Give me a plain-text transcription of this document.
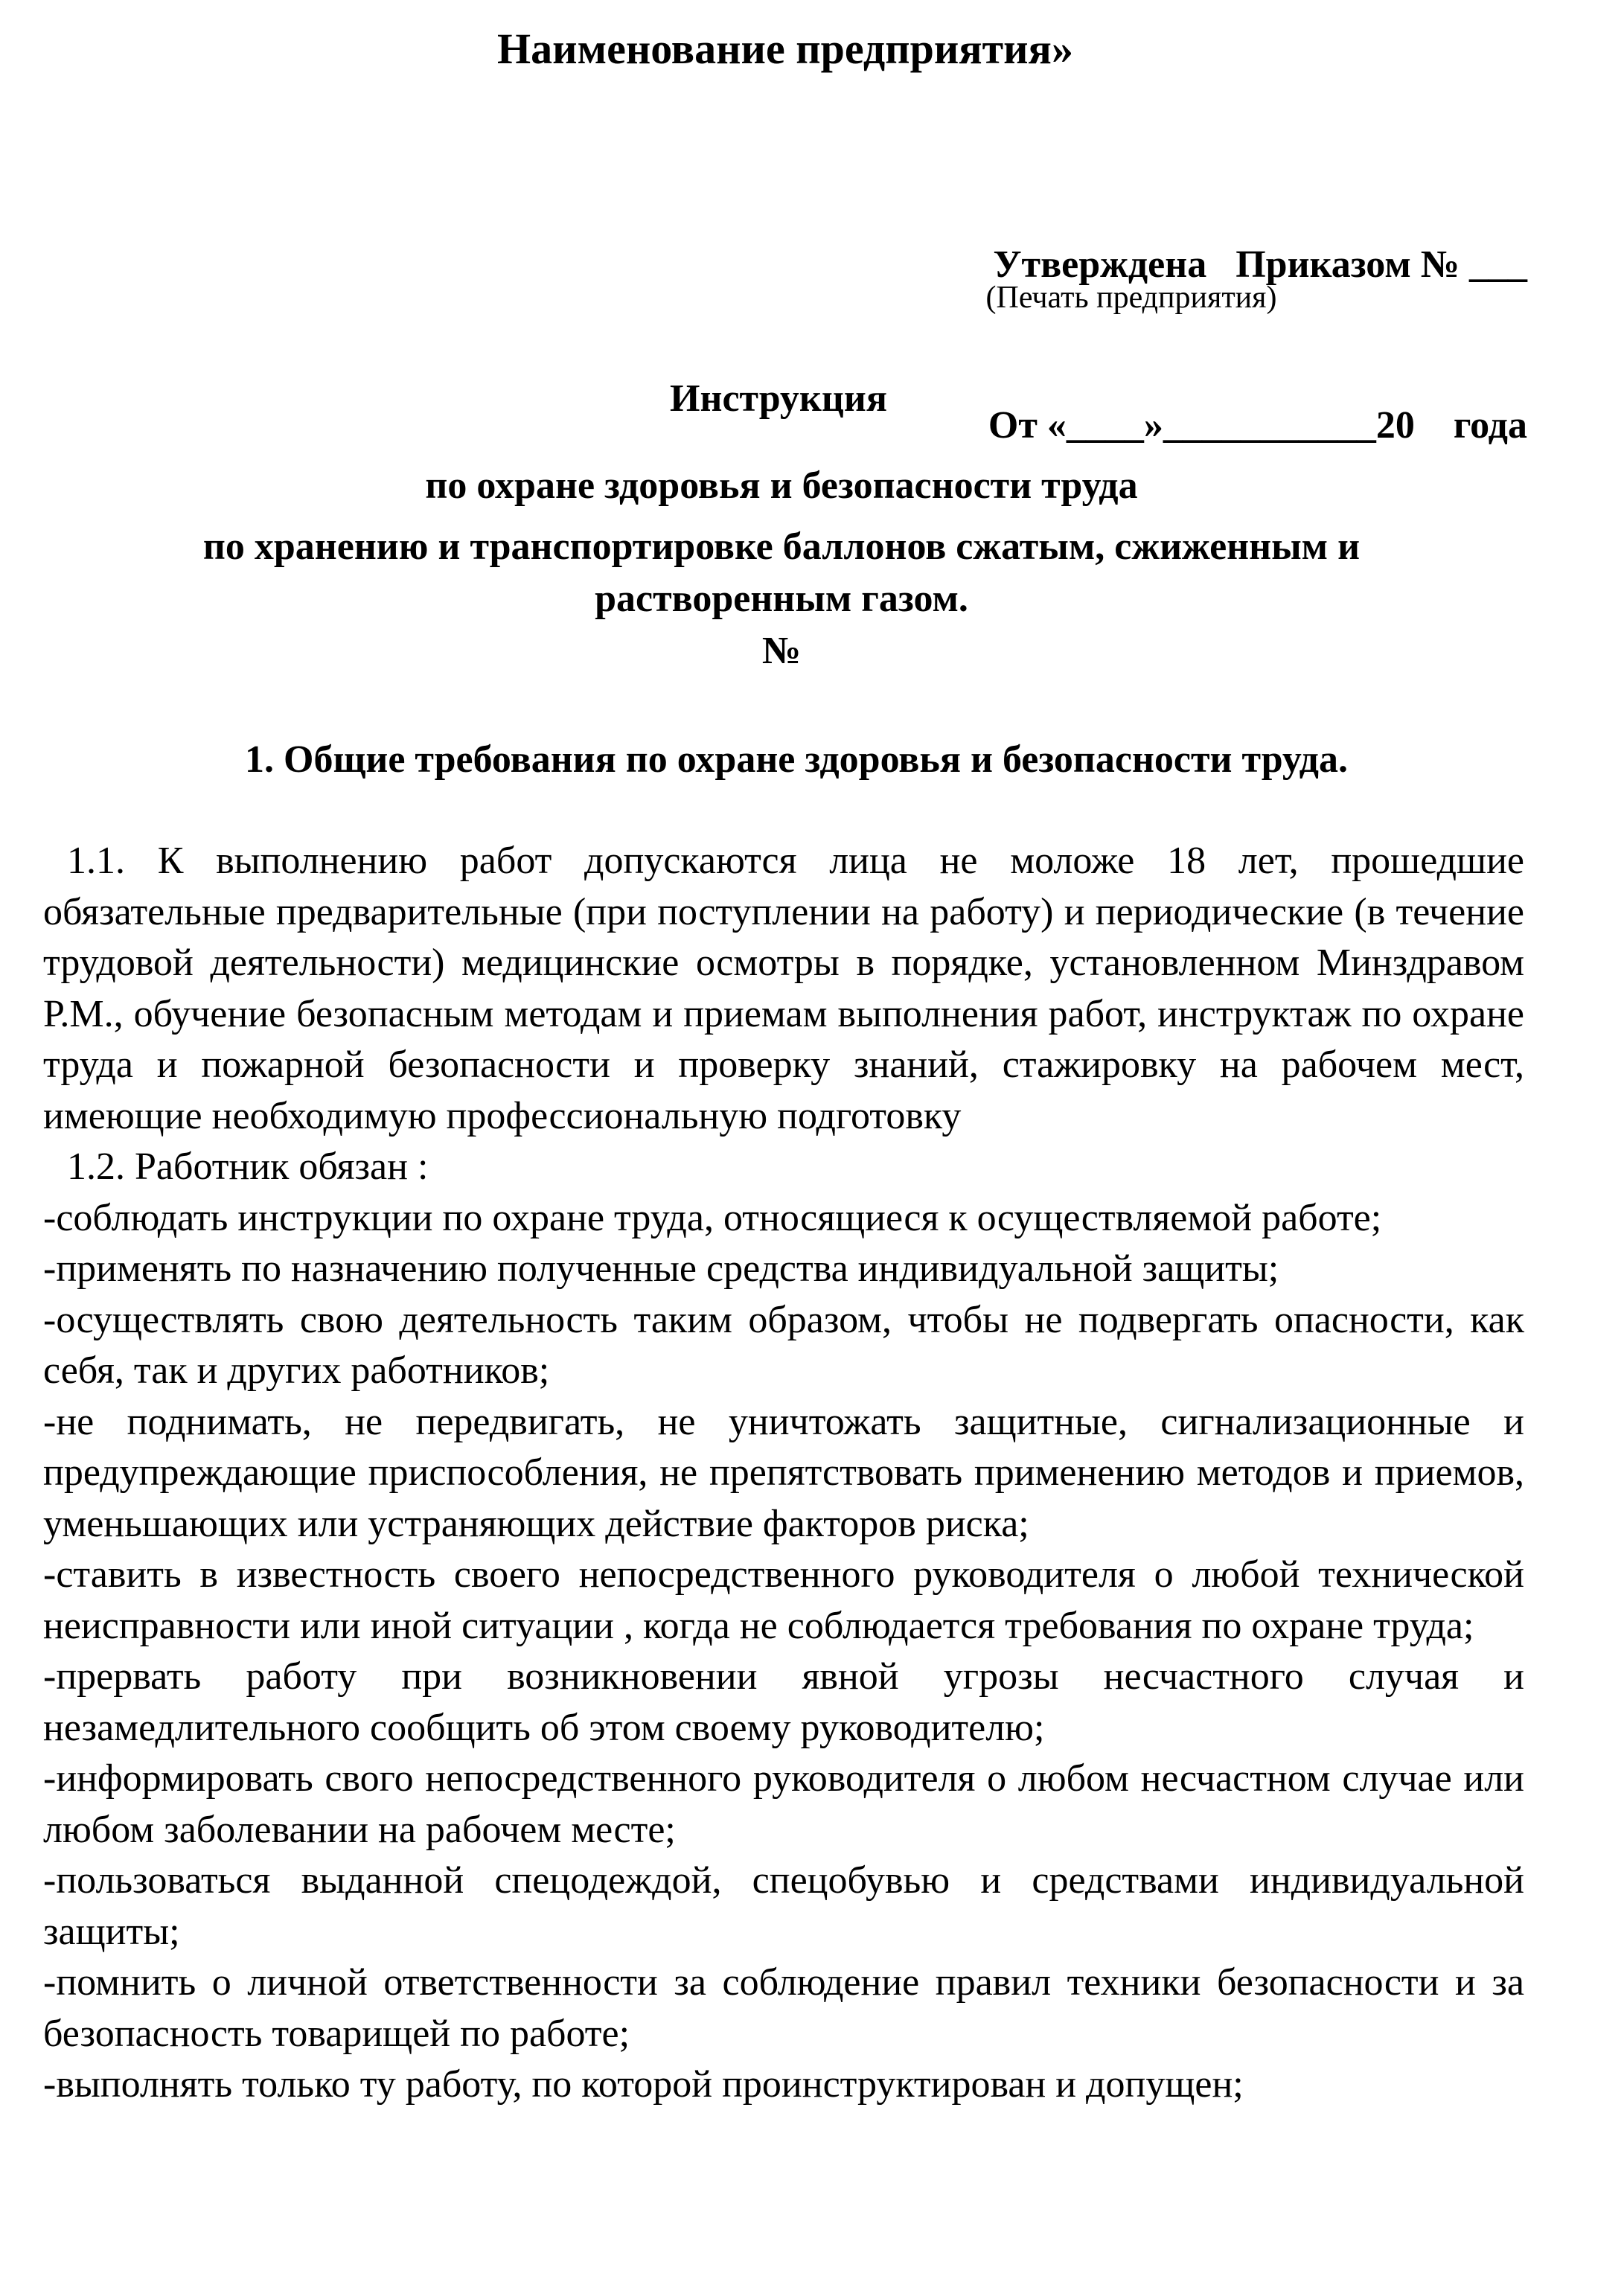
Наименование предприятия»

Утверждена   Приказом № ___

От «____»___________20    года

(Печать предприятия)
Инструкция
по охране здоровья и безопасности труда
по хранению и транспортировке баллонов сжатым, сжиженным и растворенным газом.
№
1. Общие требования по охране здоровья и безопасности труда.

1.1. К выполнению работ допускаются лица не моложе 18 лет, прошедшие обязательные предварительные (при поступлении на работу) и периодические (в течение трудовой деятельности) медицинские осмотры в порядке, установленном Минздравом Р.М., обучение безопасным методам и приемам выполнения работ, инструктаж по охране труда и пожарной безопасности и проверку знаний, стажировку на рабочем мест, имеющие необходимую профессиональную подготовку

1.2. Работник обязан :

-соблюдать инструкции по охране труда, относящиеся к осуществляемой работе;

-применять по назначению полученные средства индивидуальной защиты;

-осуществлять свою деятельность таким образом, чтобы не подвергать опасности, как себя, так и других работников;

-не поднимать, не передвигать, не уничтожать защитные, сигнализационные и предупреждающие приспособления, не препятствовать применению методов и приемов, уменьшающих или устраняющих действие факторов риска;

-ставить в известность своего непосредственного руководителя о любой технической неисправности или иной ситуации , когда не соблюдается требования по охране труда;

-прервать работу при возникновении явной угрозы несчастного случая и незамедлительного сообщить об этом своему руководителю;

-информировать свого непосредственного руководителя о любом несчастном случае или любом заболевании на рабочем месте;

-пользоваться выданной спецодеждой, спецобувью и средствами индивидуальной защиты;

-помнить о личной ответственности за соблюдение правил техники безопасности и за безопасность товарищей по работе;

-выполнять только ту работу, по которой проинструктирован и допущен;
